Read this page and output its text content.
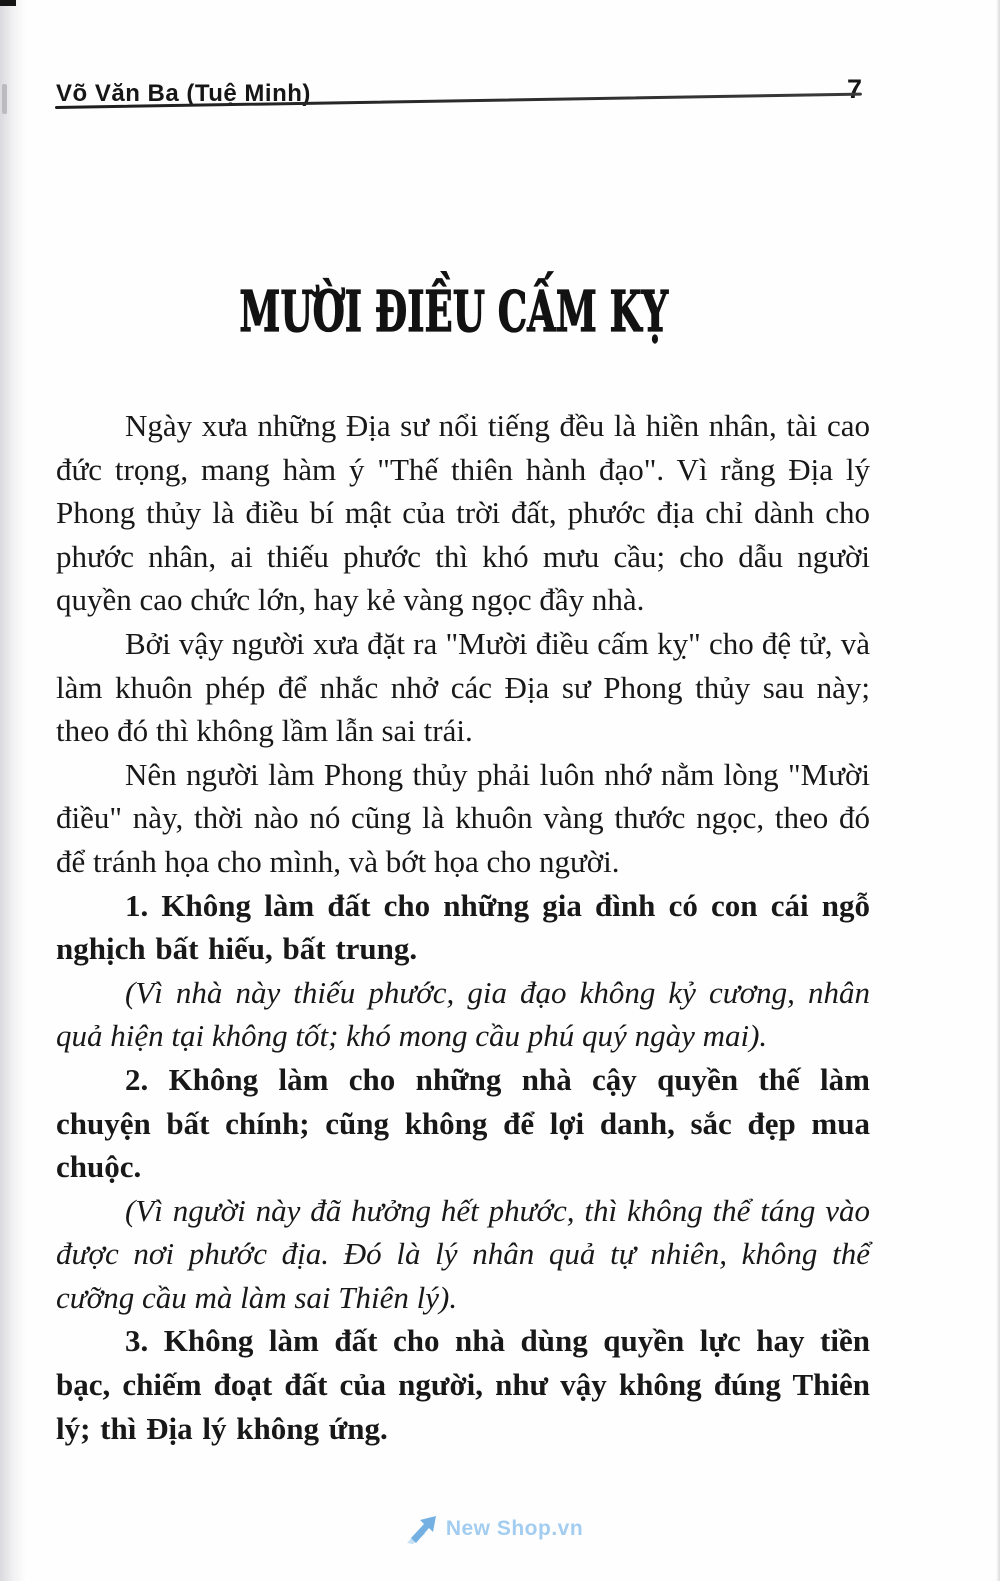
Võ Văn Ba (Tuệ Minh)	7
MƯỜI ĐIỀU CẤM KỴ

Ngày xưa những Địa sư nổi tiếng đều là hiền nhân, tài cao đức trọng, mang hàm ý "Thế thiên hành đạo". Vì rằng Địa lý Phong thủy là điều bí mật của trời đất, phước địa chỉ dành cho phước nhân, ai thiếu phước thì khó mưu cầu; cho dẫu người quyền cao chức lớn, hay kẻ vàng ngọc đầy nhà.

Bởi vậy người xưa đặt ra "Mười điều cấm kỵ" cho đệ tử, và làm khuôn phép để nhắc nhở các Địa sư Phong thủy sau này; theo đó thì không lầm lẫn sai trái.

Nên người làm Phong thủy phải luôn nhớ nằm lòng "Mười điều" này, thời nào nó cũng là khuôn vàng thước ngọc, theo đó để tránh họa cho mình, và bớt họa cho người.

1. Không làm đất cho những gia đình có con cái ngỗ nghịch bất hiếu, bất trung.

(Vì nhà này thiếu phước, gia đạo không kỷ cương, nhân quả hiện tại không tốt; khó mong cầu phú quý ngày mai).

2. Không làm cho những nhà cậy quyền thế làm chuyện bất chính; cũng không để lợi danh, sắc đẹp mua chuộc.

(Vì người này đã hưởng hết phước, thì không thể táng vào được nơi phước địa. Đó là lý nhân quả tự nhiên, không thể cưỡng cầu mà làm sai Thiên lý).

3. Không làm đất cho nhà dùng quyền lực hay tiền bạc, chiếm đoạt đất của người, như vậy không đúng Thiên lý; thì Địa lý không ứng.

New Shop.vn
